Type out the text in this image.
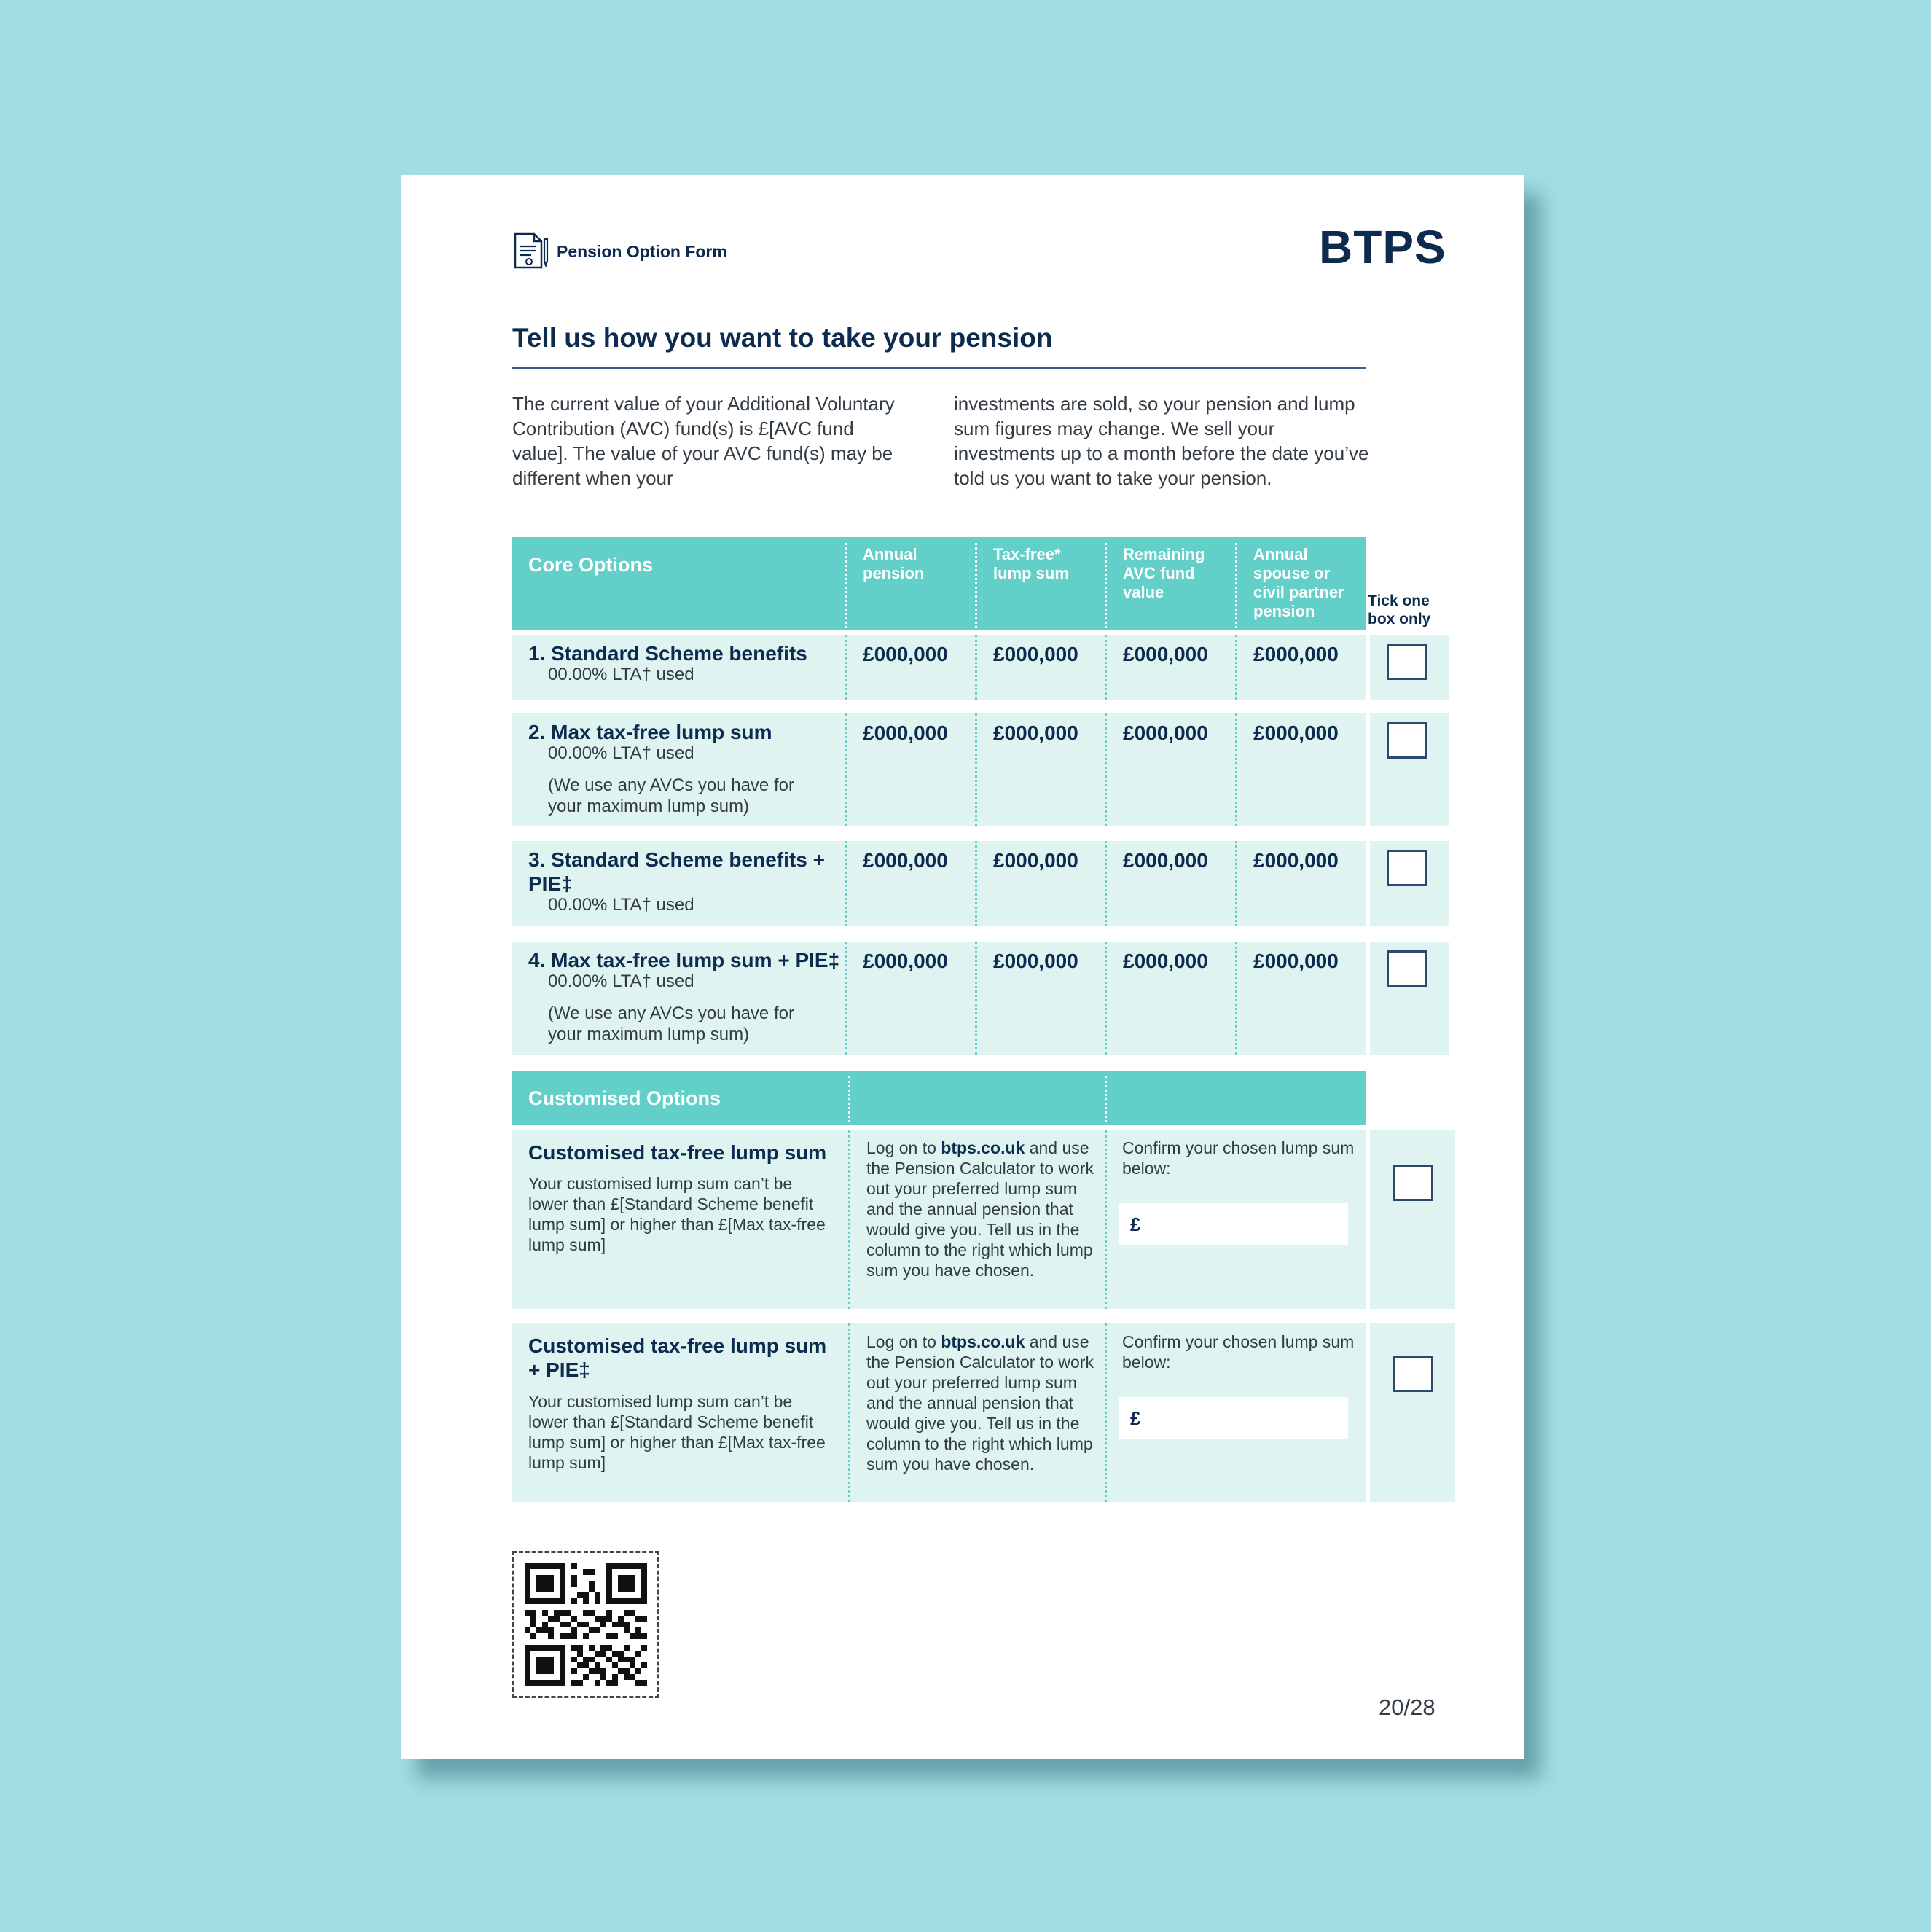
Pension Option Form	BTPS
Tell us how you want to take your pension
The current value of your Additional Voluntary Contribution (AVC) fund(s) is £[AVC fund value]. The value of your AVC fund(s) may be different when your
investments are sold, so your pension and lump sum figures may change. We sell your investments up to a month before the date you’ve told us you want to take your pension.
Core Options	Annual pension
Tax-free* lump sum
Remaining AVC fund value
Annual spouse or civil partner pension
Tick one box only
1. Standard Scheme benefits
00.00% LTA† used
£000,000 £000,000 £000,000 £000,000
2. Max tax-free lump sum
00.00% LTA† used
(We use any AVCs you have for your maximum lump sum)
£000,000 £000,000 £000,000 £000,000
3. Standard Scheme benefits + PIE‡
00.00% LTA† used
£000,000 £000,000 £000,000 £000,000
4. Max tax-free lump sum + PIE‡
00.00% LTA† used
(We use any AVCs you have for your maximum lump sum)
£000,000 £000,000 £000,000 £000,000
Customised Options
Customised tax-free lump sum
Your customised lump sum can’t be lower than £[Standard Scheme benefit lump sum] or higher than £[Max tax-free lump sum]
Log on to btps.co.uk and use the Pension Calculator to work out your preferred lump sum and the annual pension that would give you. Tell us in the column to the right which lump sum you have chosen.
Confirm your chosen lump sum below:
£
Customised tax-free lump sum + PIE‡
Your customised lump sum can’t be lower than £[Standard Scheme benefit lump sum] or higher than £[Max tax-free lump sum]
Log on to btps.co.uk and use the Pension Calculator to work out your preferred lump sum and the annual pension that would give you. Tell us in the column to the right which lump sum you have chosen.
Confirm your chosen lump sum below:
£
20/28
